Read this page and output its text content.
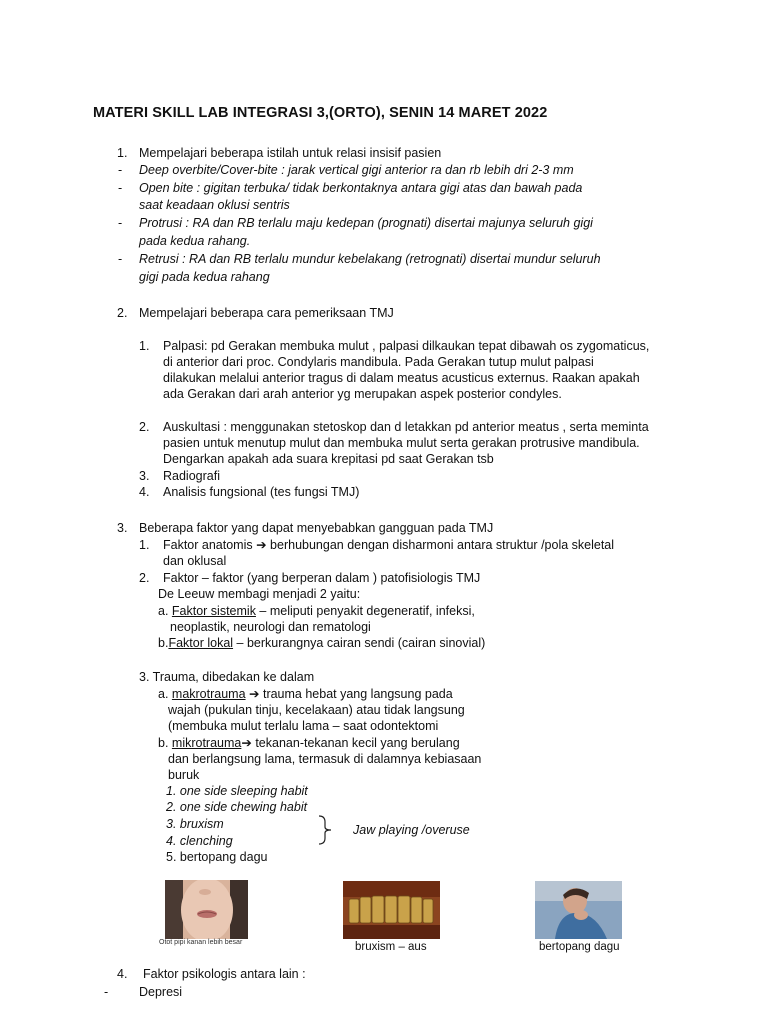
MATERI SKILL LAB INTEGRASI 3,(ORTO), SENIN 14 MARET 2022
1. Mempelajari beberapa istilah untuk relasi insisif pasien
- Deep overbite/Cover-bite : jarak vertical gigi anterior ra dan rb lebih dri 2-3 mm
- Open bite : gigitan terbuka/ tidak berkontaknya antara gigi atas dan bawah pada
saat keadaan oklusi sentris
- Protrusi : RA dan RB terlalu maju kedepan (prognati) disertai majunya seluruh gigi
pada kedua rahang.
- Retrusi : RA dan RB terlalu mundur kebelakang (retrognati) disertai mundur seluruh
gigi pada kedua rahang
2. Mempelajari beberapa cara pemeriksaan TMJ
1. Palpasi: pd Gerakan membuka mulut , palpasi dilkaukan tepat dibawah os zygomaticus,
di anterior dari proc. Condylaris mandibula. Pada Gerakan tutup mulut palpasi
dilakukan melalui anterior tragus di dalam meatus acusticus externus. Raakan apakah
ada Gerakan dari arah anterior yg merupakan aspek posterior condyles.
2. Auskultasi : menggunakan stetoskop dan d letakkan pd anterior meatus , serta meminta
pasien untuk menutup mulut dan membuka mulut serta gerakan protrusive mandibula.
Dengarkan apakah ada suara krepitasi pd saat Gerakan tsb
3. Radiografi
4. Analisis fungsional (tes fungsi TMJ)
3. Beberapa faktor yang dapat menyebabkan gangguan pada TMJ
1. Faktor anatomis ➔ berhubungan dengan disharmoni antara struktur /pola skeletal
dan oklusal
2. Faktor – faktor (yang berperan dalam ) patofisiologis TMJ
De Leeuw membagi menjadi 2 yaitu:
a. Faktor sistemik – meliputi penyakit degeneratif, infeksi,
neoplastik, neurologi dan rematologi
b.Faktor lokal – berkurangnya cairan sendi (cairan sinovial)
3. Trauma, dibedakan ke dalam
a. makrotrauma ➔ trauma hebat yang langsung pada
wajah (pukulan tinju, kecelakaan) atau tidak langsung
(membuka mulut terlalu lama – saat odontektomi
b. mikrotrauma➔ tekanan-tekanan kecil yang berulang
dan berlangsung lama, termasuk di dalamnya kebiasaan
buruk
1. one side sleeping habit
2. one side chewing habit
3. bruxism
4. clenching
5. bertopang dagu
Jaw playing /overuse
Otot pipi kanan lebih besar	bruxism – aus	bertopang dagu
4. Faktor psikologis antara lain :
- Depresi
